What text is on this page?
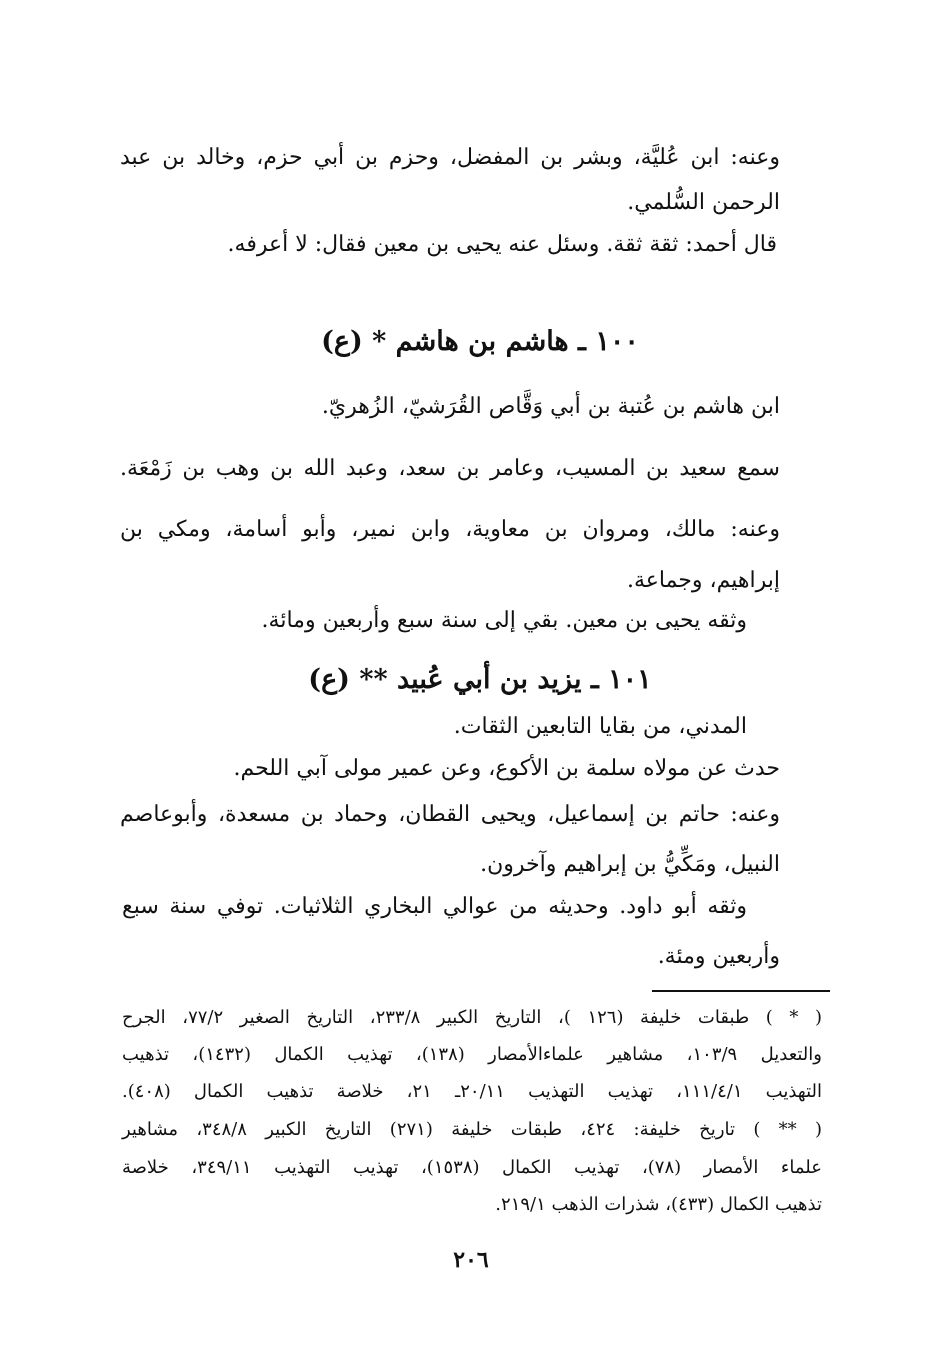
وعنه: ابن عُليَّة، وبشر بن المفضل، وحزم بن أبي حزم، وخالد بن عبد
الرحمن السُّلمي.
قال أحمد: ثقة ثقة. وسئل عنه يحيى بن معين فقال: لا أعرفه.
١٠٠ ـ هاشم بن هاشم * (ع)
ابن هاشم بن عُتبة بن أبي وَقَّاص القُرَشيّ، الزُهريّ.
سمع سعيد بن المسيب، وعامر بن سعد، وعبد الله بن وهب بن زَمْعَة.
وعنه: مالك، ومروان بن معاوية، وابن نمير، وأبو أسامة، ومكي بن
إبراهيم، وجماعة.
وثقه يحيى بن معين. بقي إلى سنة سبع وأربعين ومائة.
١٠١ ـ يزيد بن أبي عُبيد ** (ع)
المدني، من بقايا التابعين الثقات.
حدث عن مولاه سلمة بن الأكوع، وعن عمير مولى آبي اللحم.
وعنه: حاتم بن إسماعيل، ويحيى القطان، وحماد بن مسعدة، وأبوعاصم
النبيل، ومَكِّيُّ بن إبراهيم وآخرون.
وثقه أبو داود. وحديثه من عوالي البخاري الثلاثيات. توفي سنة سبع
وأربعين ومئة.
( * ) طبقات خليفة (١٢٦ )، التاريخ الكبير ٢٣٣/٨، التاريخ الصغير ٧٧/٢، الجرح
والتعديل ١٠٣/٩، مشاهير علماءالأمصار (١٣٨)، تهذيب الكمال (١٤٣٢)، تذهيب
التهذيب ١١١/٤/١، تهذيب التهذيب ٢٠/١١ـ ٢١، خلاصة تذهيب الكمال (٤٠٨).
( ** ) تاريخ خليفة: ٤٢٤، طبقات خليفة (٢٧١) التاريخ الكبير ٣٤٨/٨، مشاهير
علماء الأمصار (٧٨)، تهذيب الكمال (١٥٣٨)، تهذيب التهذيب ٣٤٩/١١، خلاصة
تذهيب الكمال (٤٣٣)، شذرات الذهب ٢١٩/١.
٢٠٦
